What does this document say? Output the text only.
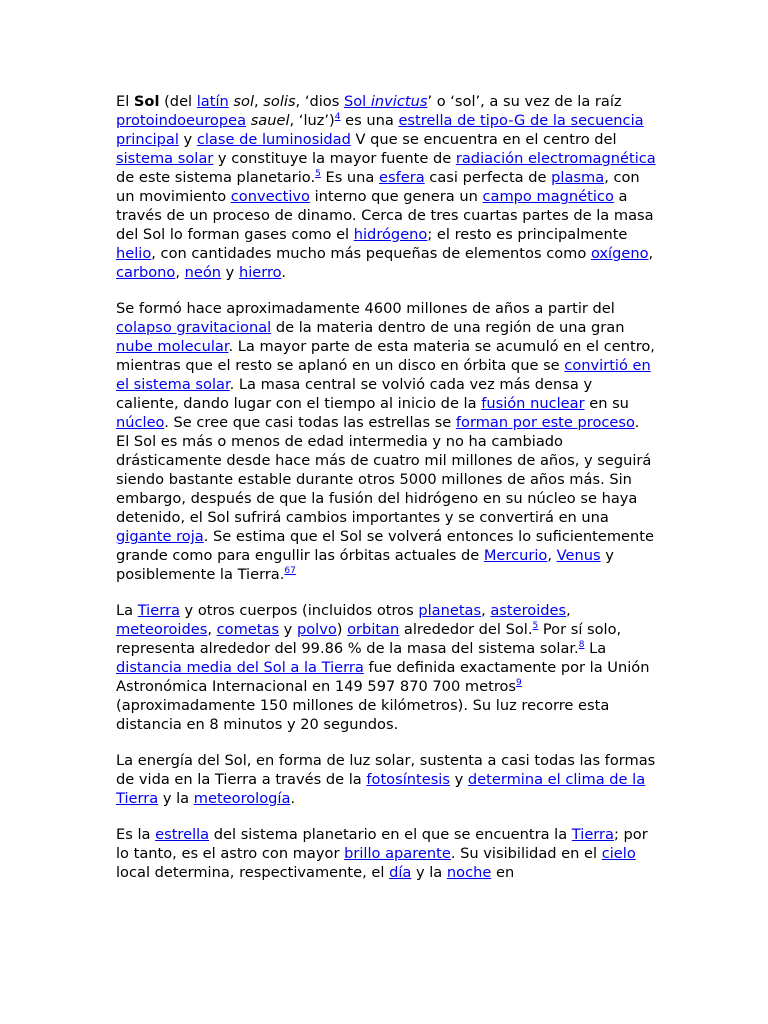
El Sol (del latín sol, solis, ‘dios Sol invictus’ o ‘sol’, a su vez de la raíz protoindoeuropea sauel, ‘luz’)$^4$ es una estrella de tipo-G de la secuencia principal y clase de luminosidad V que se encuentra en el centro del sistema solar y constituye la mayor fuente de radiación electromagnética de este sistema planetario.$^5$ Es una esfera casi perfecta de plasma, con un movimiento convectivo interno que genera un campo magnético a través de un proceso de dinamo. Cerca de tres cuartas partes de la masa del Sol lo forman gases como el hidrógeno; el resto es principalmente helio, con cantidades mucho más pequeñas de elementos como oxígeno, carbono, neón y hierro.

Se formó hace aproximadamente 4600 millones de años a partir del colapso gravitacional de la materia dentro de una región de una gran nube molecular. La mayor parte de esta materia se acumuló en el centro, mientras que el resto se aplanó en un disco en órbita que se convirtió en el sistema solar. La masa central se volvió cada vez más densa y caliente, dando lugar con el tiempo al inicio de la fusión nuclear en su núcleo. Se cree que casi todas las estrellas se forman por este proceso. El Sol es más o menos de edad intermedia y no ha cambiado drásticamente desde hace más de cuatro mil millones de años, y seguirá siendo bastante estable durante otros 5000 millones de años más. Sin embargo, después de que la fusión del hidrógeno en su núcleo se haya detenido, el Sol sufrirá cambios importantes y se convertirá en una gigante roja. Se estima que el Sol se volverá entonces lo suficientemente grande como para engullir las órbitas actuales de Mercurio, Venus y posiblemente la Tierra.$^{67}$

La Tierra y otros cuerpos (incluidos otros planetas, asteroides, meteoroides, cometas y polvo) orbitan alrededor del Sol.$^5$ Por sí solo, representa alrededor del 99.86 % de la masa del sistema solar.$^8$ La distancia media del Sol a la Tierra fue definida exactamente por la Unión Astronómica Internacional en 149 597 870 700 metros$^9$ (aproximadamente 150 millones de kilómetros). Su luz recorre esta distancia en 8 minutos y 20 segundos.

La energía del Sol, en forma de luz solar, sustenta a casi todas las formas de vida en la Tierra a través de la fotosíntesis y determina el clima de la Tierra y la meteorología.

Es la estrella del sistema planetario en el que se encuentra la Tierra; por lo tanto, es el astro con mayor brillo aparente. Su visibilidad en el cielo local determina, respectivamente, el día y la noche en
